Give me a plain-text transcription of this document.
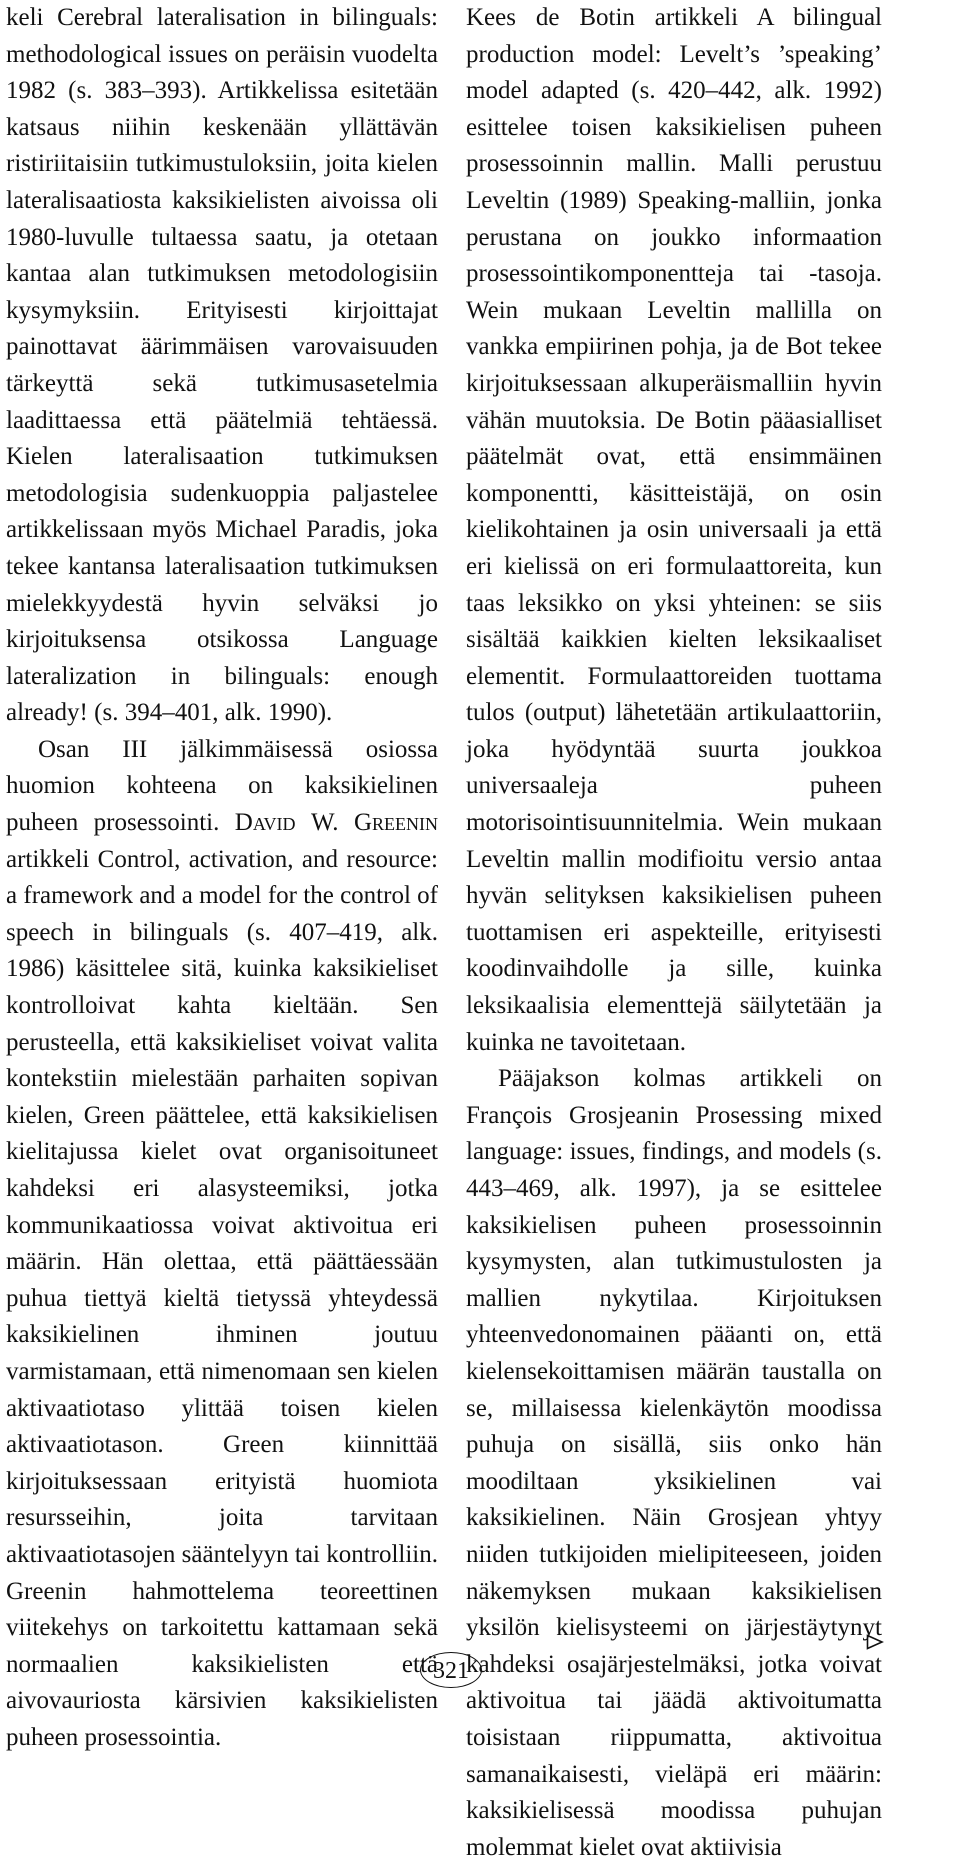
keli Cerebral lateralisation in bilinguals: methodological issues on peräisin vuodelta 1982 (s. 383–393). Artikkelissa esitetään katsaus niihin keskenään yllättävän ristiriitaisiin tutkimustuloksiin, joita kielen lateralisaatiosta kaksikielisten aivoissa oli 1980-luvulle tultaessa saatu, ja otetaan kantaa alan tutkimuksen metodologisiin kysymyksiin. Erityisesti kirjoittajat painottavat äärimmäisen varovaisuuden tärkeyttä sekä tutkimusasetelmia laadittaessa että päätelmiä tehtäessä. Kielen lateralisaation tutkimuksen metodologisia sudenkuoppia paljastelee artikkelissaan myös Michael Paradis, joka tekee kantansa lateralisaation tutkimuksen mielekkyydestä hyvin selväksi jo kirjoituksensa otsikossa Language lateralization in bilinguals: enough already! (s. 394–401, alk. 1990).

Osan III jälkimmäisessä osiossa huomion kohteena on kaksikielinen puheen prosessointi. David W. Greenin artikkeli Control, activation, and resource: a framework and a model for the control of speech in bilinguals (s. 407–419, alk. 1986) käsittelee sitä, kuinka kaksikieliset kontrolloivat kahta kieltään. Sen perusteella, että kaksikieliset voivat valita kontekstiin mielestään parhaiten sopivan kielen, Green päättelee, että kaksikielisen kielitajussa kielet ovat organisoituneet kahdeksi eri alasysteemiksi, jotka kommunikaatiossa voivat aktivoitua eri määrin. Hän olettaa, että päättäessään puhua tiettyä kieltä tietyssä yhteydessä kaksikielinen ihminen joutuu varmistamaan, että nimenomaan sen kielen aktivaatiotaso ylittää toisen kielen aktivaatiotason. Green kiinnittää kirjoituksessaan erityistä huomiota resursseihin, joita tarvitaan aktivaatiotasojen sääntelyyn tai kontrolliin. Greenin hahmottelema teoreettinen viitekehys on tarkoitettu kattamaan sekä normaalien kaksikielisten että aivovauriosta kärsivien kaksikielisten puheen prosessointia.

Kees de Botin artikkeli A bilingual production model: Levelt’s ’speaking’ model adapted (s. 420–442, alk. 1992) esittelee toisen kaksikielisen puheen prosessoinnin mallin. Malli perustuu Leveltin (1989) Speaking-malliin, jonka perustana on joukko informaation prosessointikomponentteja tai -tasoja. Wein mukaan Leveltin mallilla on vankka empiirinen pohja, ja de Bot tekee kirjoituksessaan alkuperäismalliin hyvin vähän muutoksia. De Botin pääasialliset päätelmät ovat, että ensimmäinen komponentti, käsitteistäjä, on osin kielikohtainen ja osin universaali ja että eri kielissä on eri formulaattoreita, kun taas leksikko on yksi yhteinen: se siis sisältää kaikkien kielten leksikaaliset elementit. Formulaattoreiden tuottama tulos (output) lähetetään artikulaattoriin, joka hyödyntää suurta joukkoa universaaleja puheen motorisointisuunnitelmia. Wein mukaan Leveltin mallin modifioitu versio antaa hyvän selityksen kaksikielisen puheen tuottamisen eri aspekteille, erityisesti koodinvaihdolle ja sille, kuinka leksikaalisia elementtejä säilytetään ja kuinka ne tavoitetaan.

Pääjakson kolmas artikkeli on François Grosjeanin Prosessing mixed language: issues, findings, and models (s. 443–469, alk. 1997), ja se esittelee kaksikielisen puheen prosessoinnin kysymysten, alan tutkimustulosten ja mallien nykytilaa. Kirjoituksen yhteenvedonomainen pääanti on, että kielensekoittamisen määrän taustalla on se, millaisessa kielenkäytön moodissa puhuja on sisällä, siis onko hän moodiltaan yksikielinen vai kaksikielinen. Näin Grosjean yhtyy niiden tutkijoiden mielipiteeseen, joiden näkemyksen mukaan kaksikielisen yksilön kielisysteemi on järjestäytynyt kahdeksi osajärjestelmäksi, jotka voivat aktivoitua tai jäädä aktivoitumatta toisistaan riippumatta, aktivoitua samanaikaisesti, vieläpä eri määrin: kaksikielisessä moodissa puhujan molemmat kielet ovat aktiivisia

321
